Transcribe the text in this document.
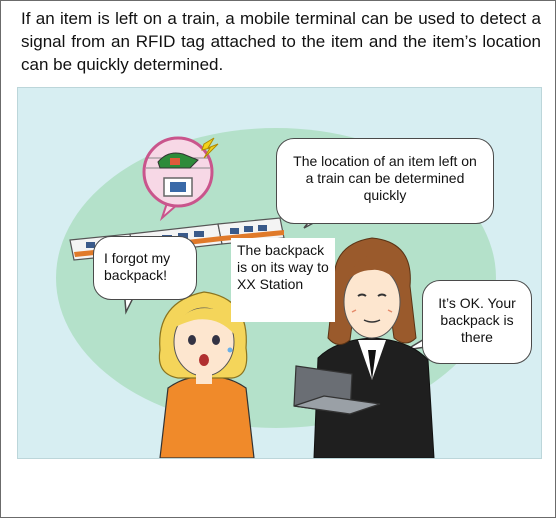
If an item is left on a train, a mobile terminal can be used to detect a signal from an RFID tag attached to the item and the item’s location can be quickly determined.
The location of an item left on a train can be determined quickly
I forgot my backpack!
The backpack is on its way to XX Station
It’s OK. Your backpack is there
